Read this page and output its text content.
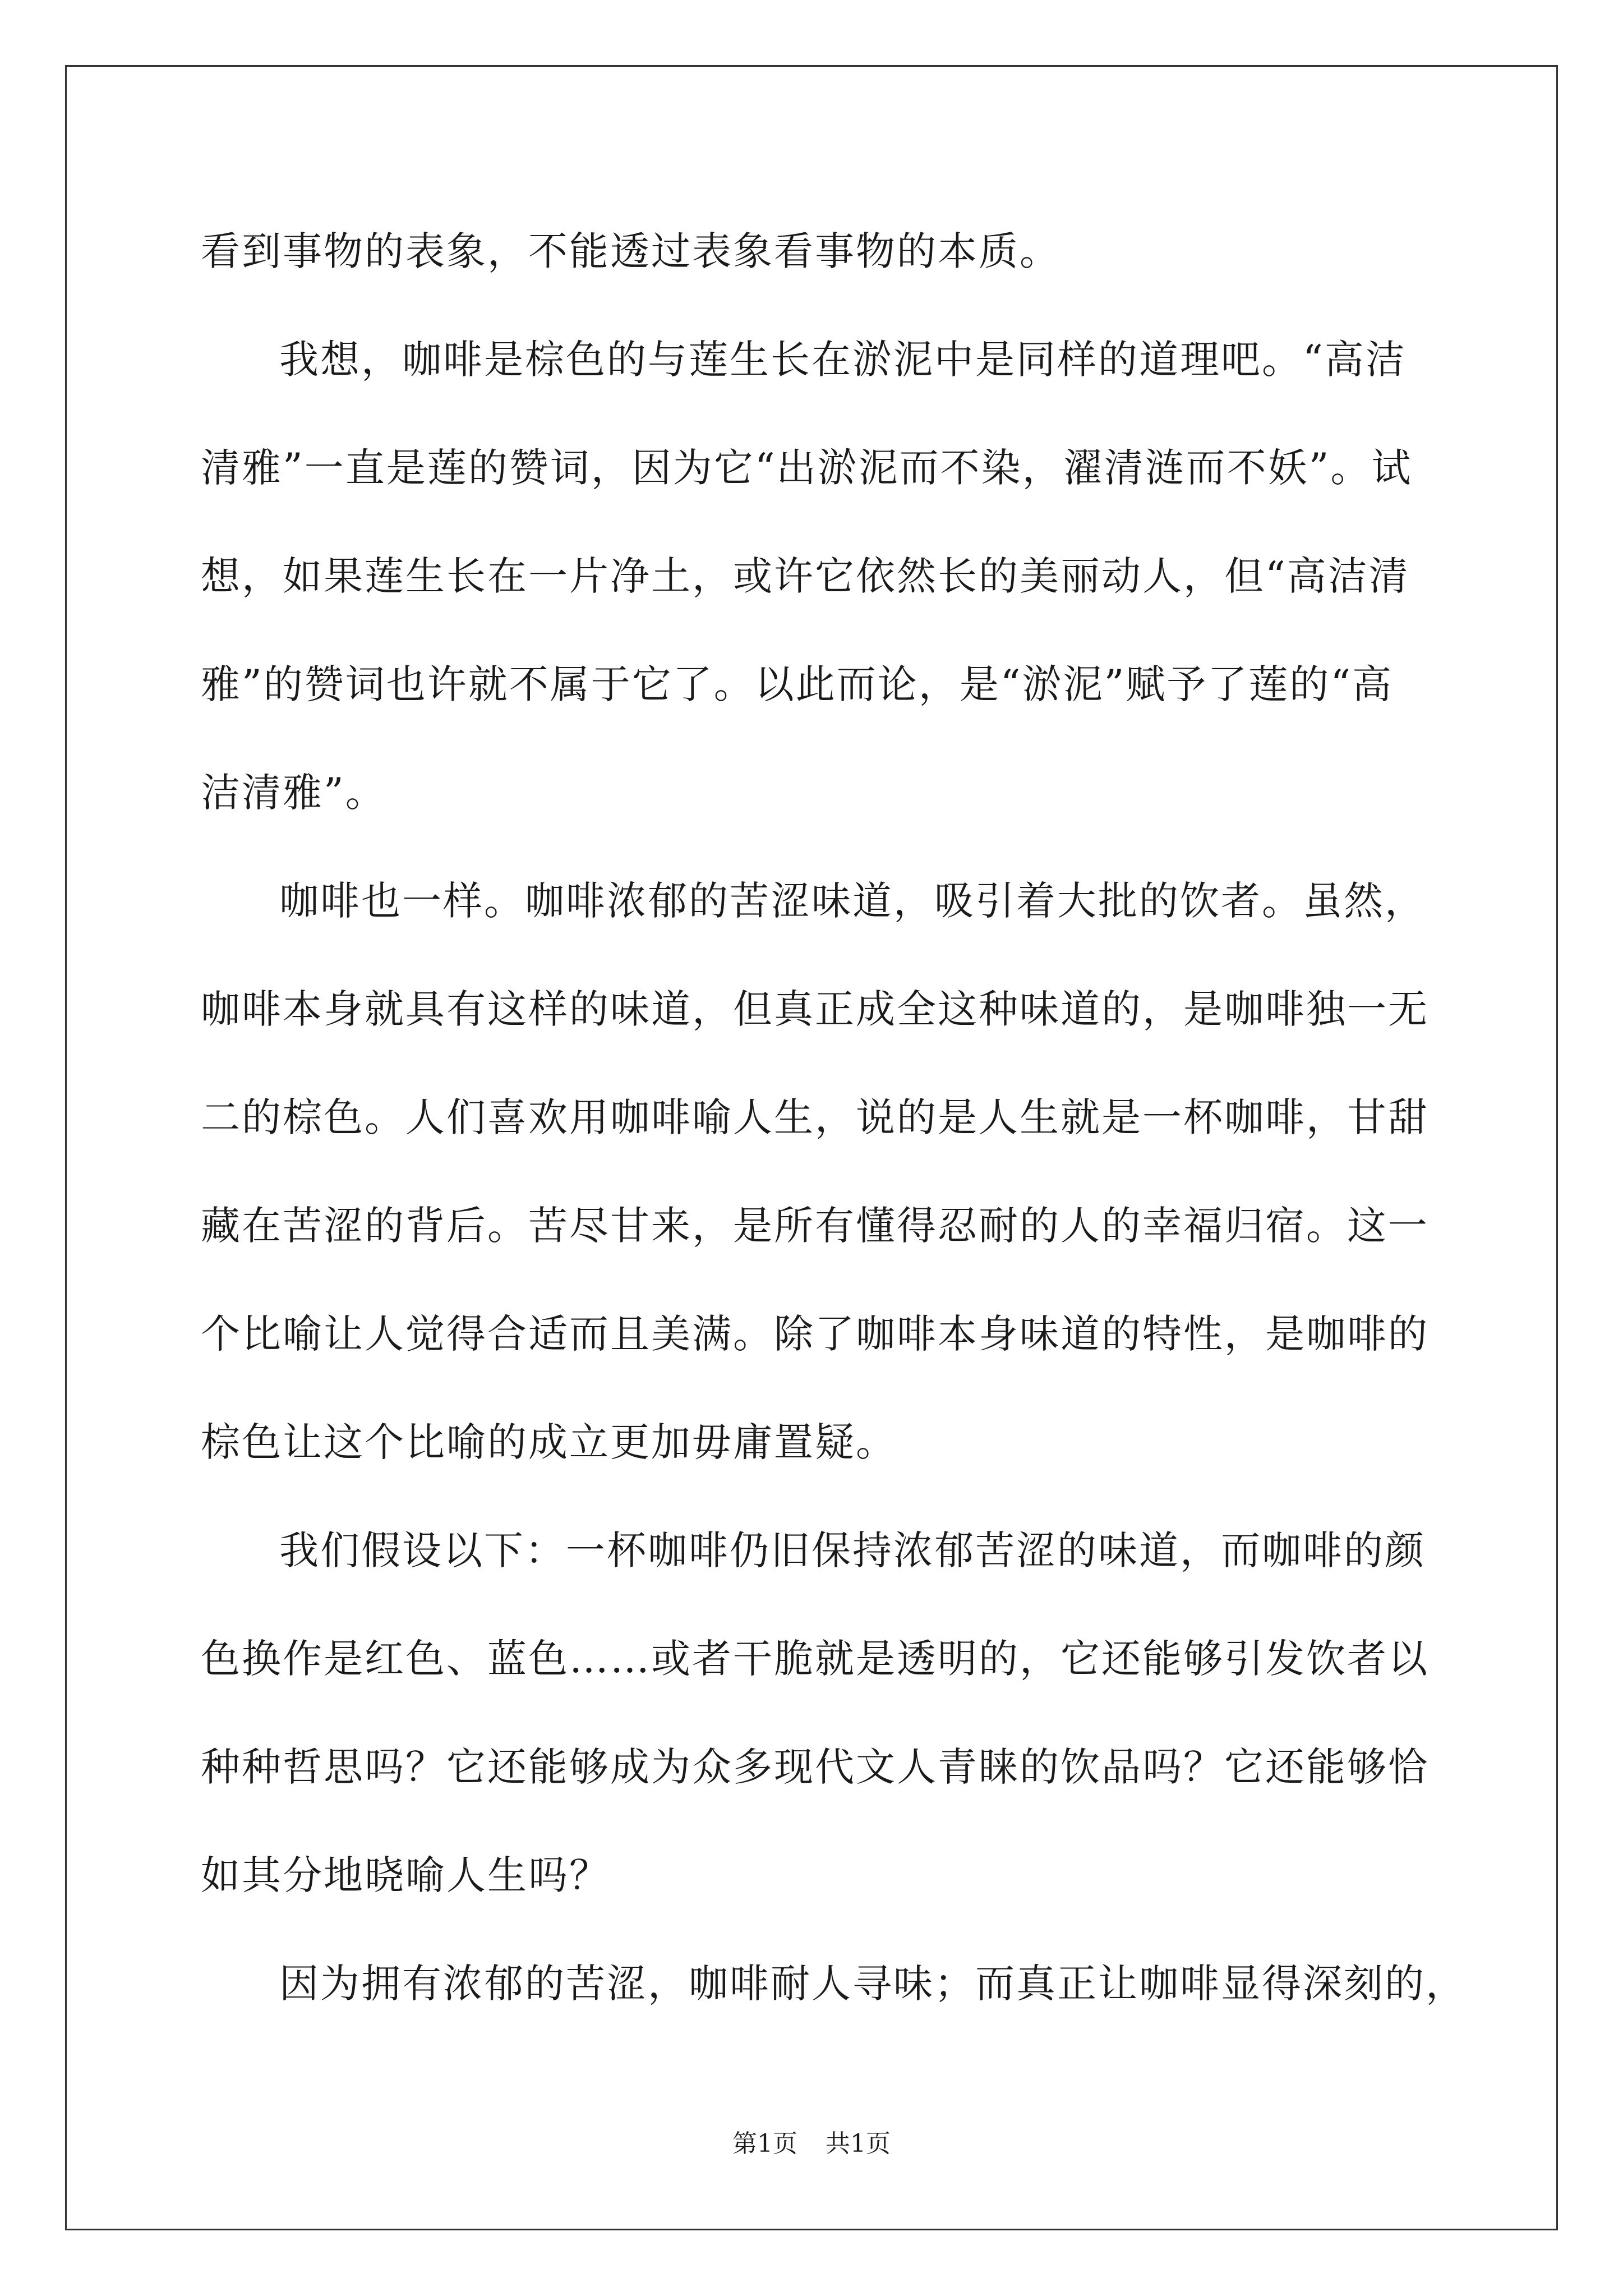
看到事物的表象，不能透过表象看事物的本质。
我想，咖啡是棕色的与莲生长在淤泥中是同样的道理吧。“高洁
清雅”一直是莲的赞词，因为它“出淤泥而不染，濯清涟而不妖”。试
想，如果莲生长在一片净土，或许它依然长的美丽动人，但“高洁清
雅”的赞词也许就不属于它了。以此而论，是“淤泥”赋予了莲的“高
洁清雅”。
咖啡也一样。咖啡浓郁的苦涩味道，吸引着大批的饮者。虽然，
咖啡本身就具有这样的味道，但真正成全这种味道的，是咖啡独一无
二的棕色。人们喜欢用咖啡喻人生，说的是人生就是一杯咖啡，甘甜
藏在苦涩的背后。苦尽甘来，是所有懂得忍耐的人的幸福归宿。这一
个比喻让人觉得合适而且美满。除了咖啡本身味道的特性，是咖啡的
棕色让这个比喻的成立更加毋庸置疑。
我们假设以下：一杯咖啡仍旧保持浓郁苦涩的味道，而咖啡的颜
色换作是红色、蓝色……或者干脆就是透明的，它还能够引发饮者以
种种哲思吗？它还能够成为众多现代文人青睐的饮品吗？它还能够恰
如其分地晓喻人生吗？
因为拥有浓郁的苦涩，咖啡耐人寻味；而真正让咖啡显得深刻的，
第1页 共1页
